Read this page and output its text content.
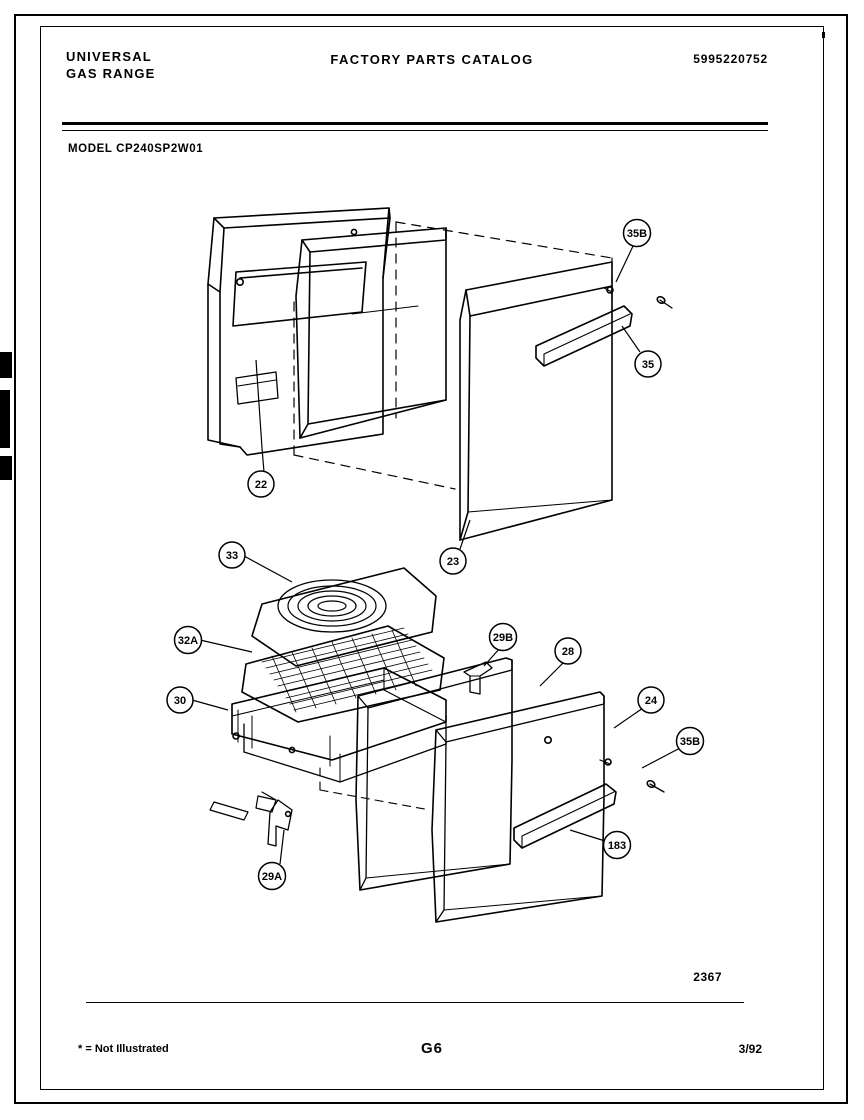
UNIVERSAL
GAS RANGE
FACTORY PARTS CATALOG	5995220752
MODEL CP240SP2W01
22
23
35B
35
33
32A
30
29A
29B
28
24
35B
183
2367
* = Not Illustrated	G6	3/92
